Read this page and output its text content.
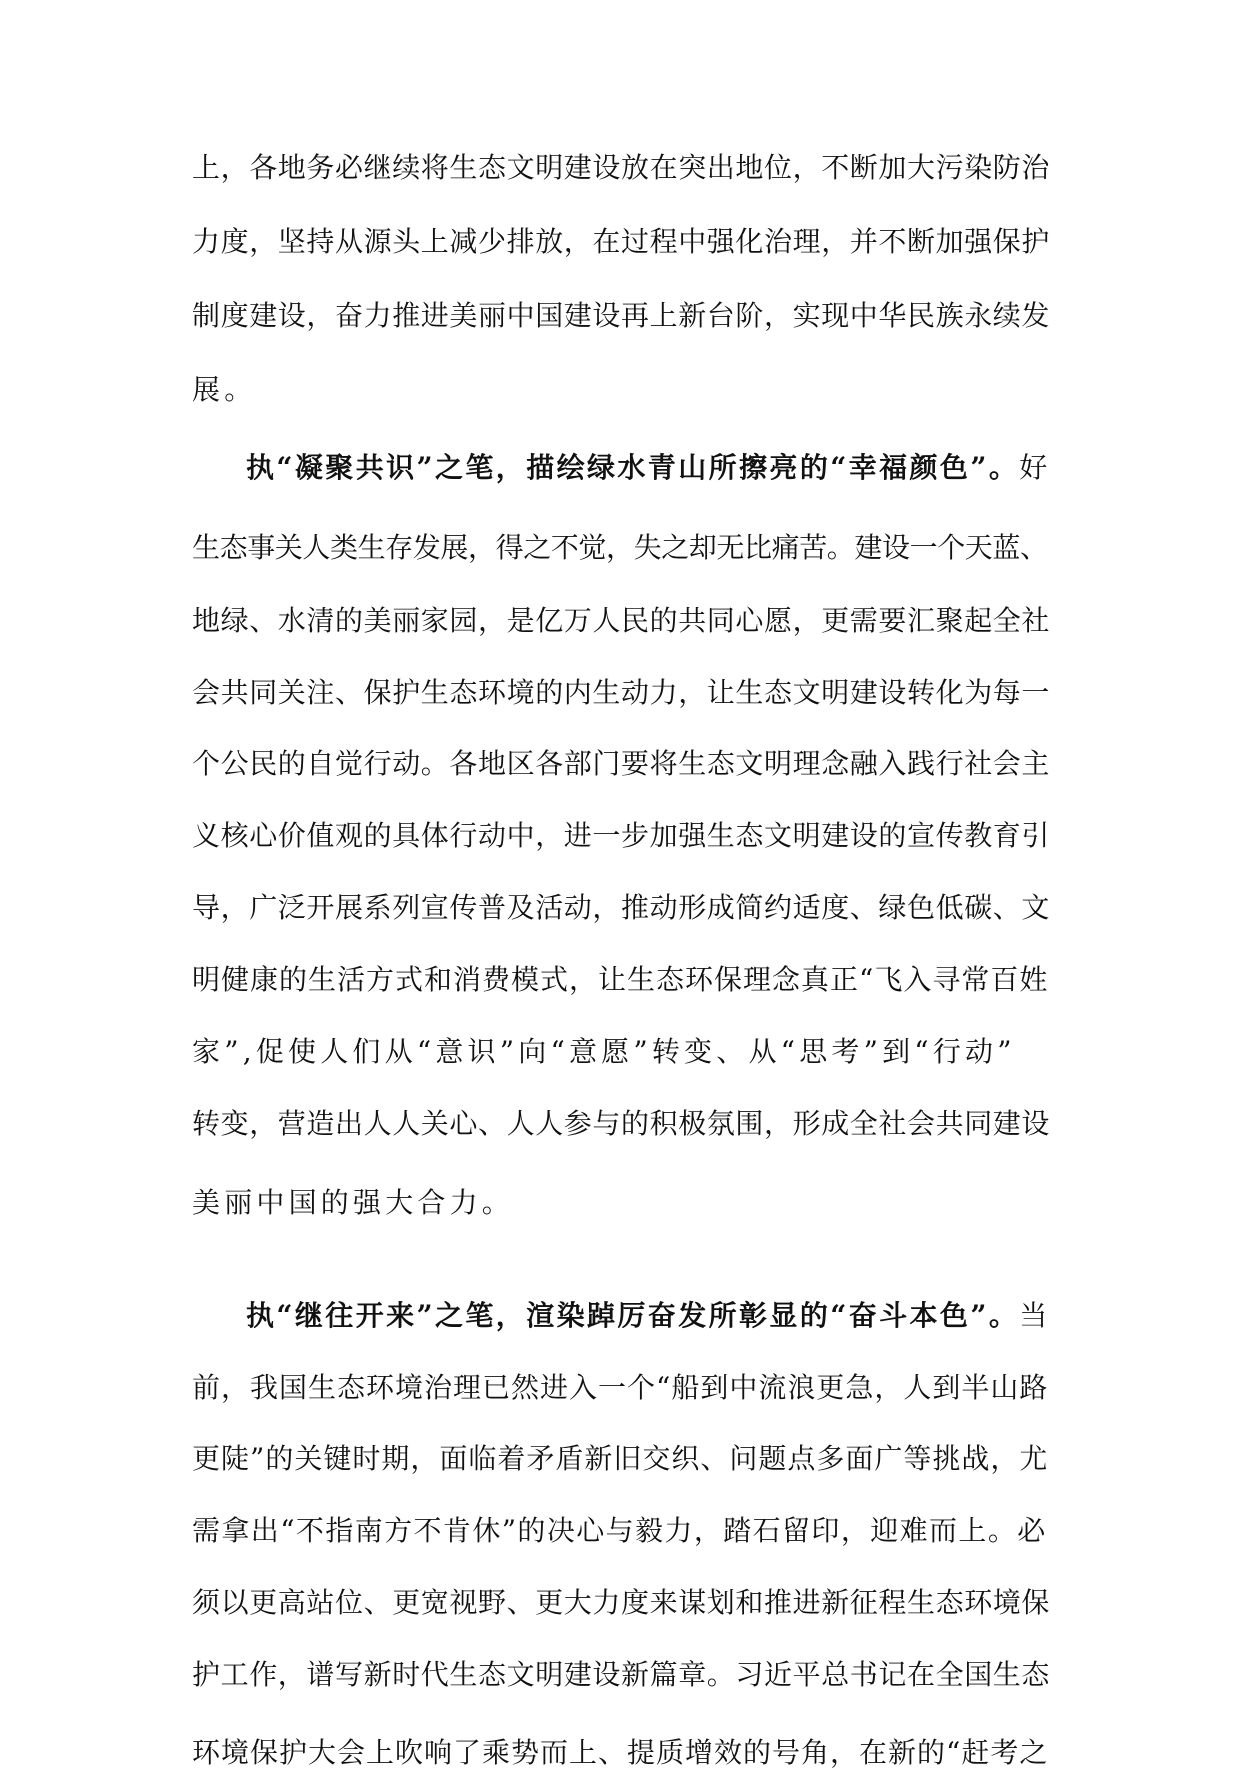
上，各地务必继续将生态文明建设放在突出地位，不断加大污染防治
力度，坚持从源头上减少排放，在过程中强化治理，并不断加强保护
制度建设，奋力推进美丽中国建设再上新台阶，实现中华民族永续发
展。
执“凝聚共识”之笔，描绘绿水青山所擦亮的“幸福颜色”。好
生态事关人类生存发展，得之不觉，失之却无比痛苦。建设一个天蓝、
地绿、水清的美丽家园，是亿万人民的共同心愿，更需要汇聚起全社
会共同关注、保护生态环境的内生动力，让生态文明建设转化为每一
个公民的自觉行动。各地区各部门要将生态文明理念融入践行社会主
义核心价值观的具体行动中，进一步加强生态文明建设的宣传教育引
导，广泛开展系列宣传普及活动，推动形成简约适度、绿色低碳、文
明健康的生活方式和消费模式，让生态环保理念真正“飞入寻常百姓
家”,促使人们从“意识”向“意愿”转变、从“思考”到“行动”
转变，营造出人人关心、人人参与的积极氛围，形成全社会共同建设
美丽中国的强大合力。
执“继往开来”之笔，渲染踔厉奋发所彰显的“奋斗本色”。当
前，我国生态环境治理已然进入一个“船到中流浪更急，人到半山路
更陡”的关键时期，面临着矛盾新旧交织、问题点多面广等挑战，尤
需拿出“不指南方不肯休”的决心与毅力，踏石留印，迎难而上。必
须以更高站位、更宽视野、更大力度来谋划和推进新征程生态环境保
护工作，谱写新时代生态文明建设新篇章。习近平总书记在全国生态
环境保护大会上吹响了乘势而上、提质增效的号角，在新的“赶考之
